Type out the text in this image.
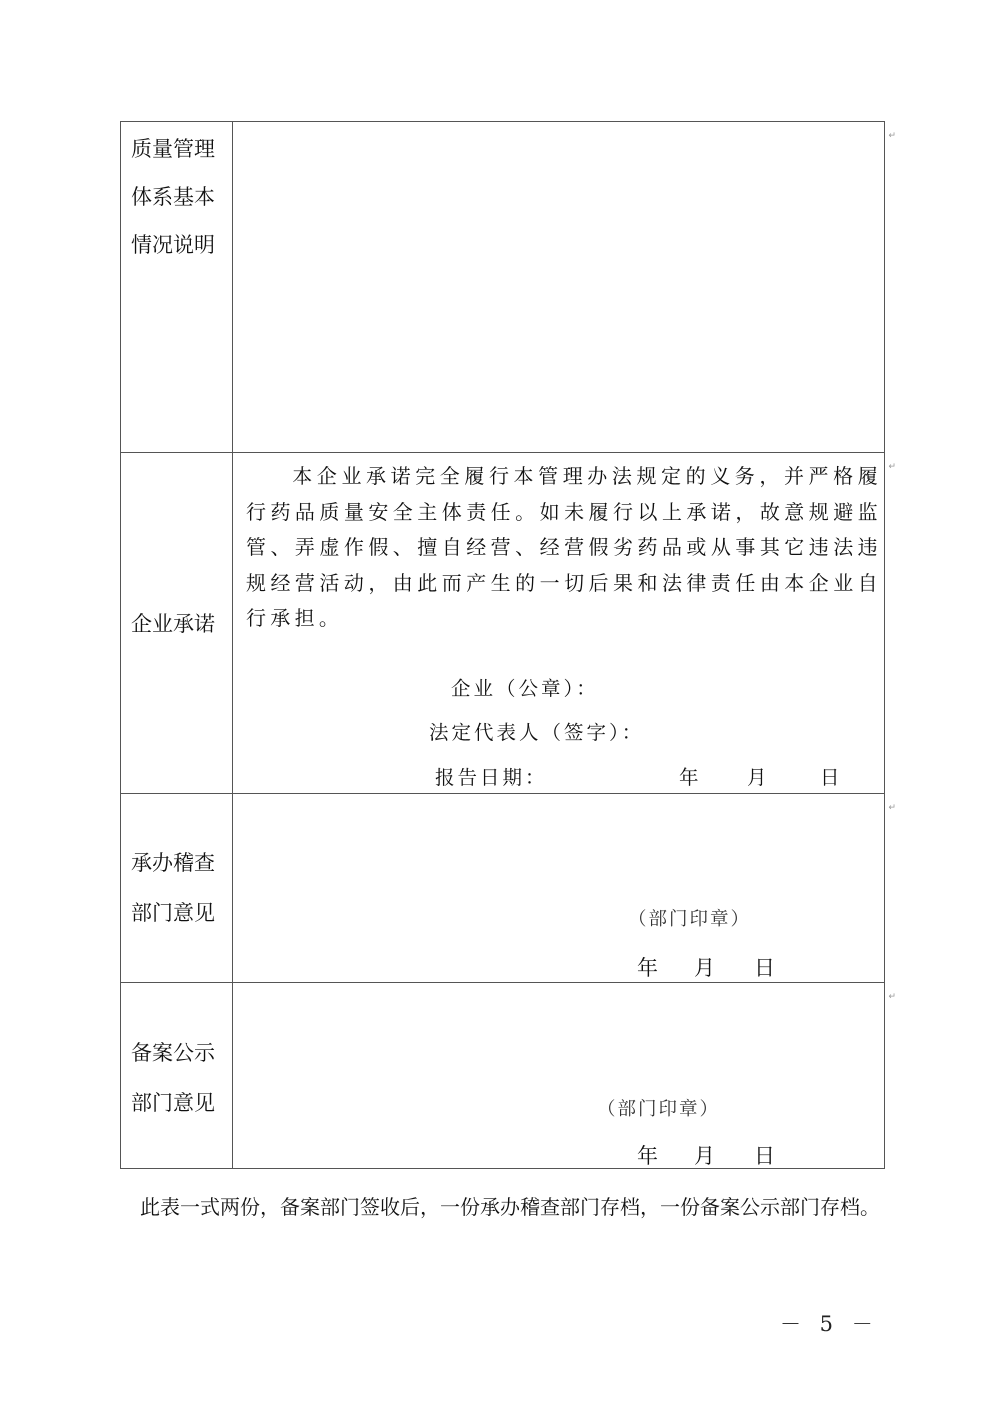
质量管理
体系基本
情况说明
↵
企业承诺
↵
本企业承诺完全履行本管理办法规定的义务，并严格履行药品质量安全主体责任。如未履行以上承诺，故意规避监管、弄虚作假、擅自经营、经营假劣药品或从事其它违法违规经营活动，由此而产生的一切后果和法律责任由本企业自行承担。
企业（公章）：
法定代表人（签字）：
报告日期：	年 月	日
承办稽查
部门意见
↵
（部门印章）
年 月 日
备案公示
部门意见
↵
（部门印章）
年 月 日
此表一式两份，备案部门签收后，一份承办稽查部门存档，一份备案公示部门存档。
－ 5 －
